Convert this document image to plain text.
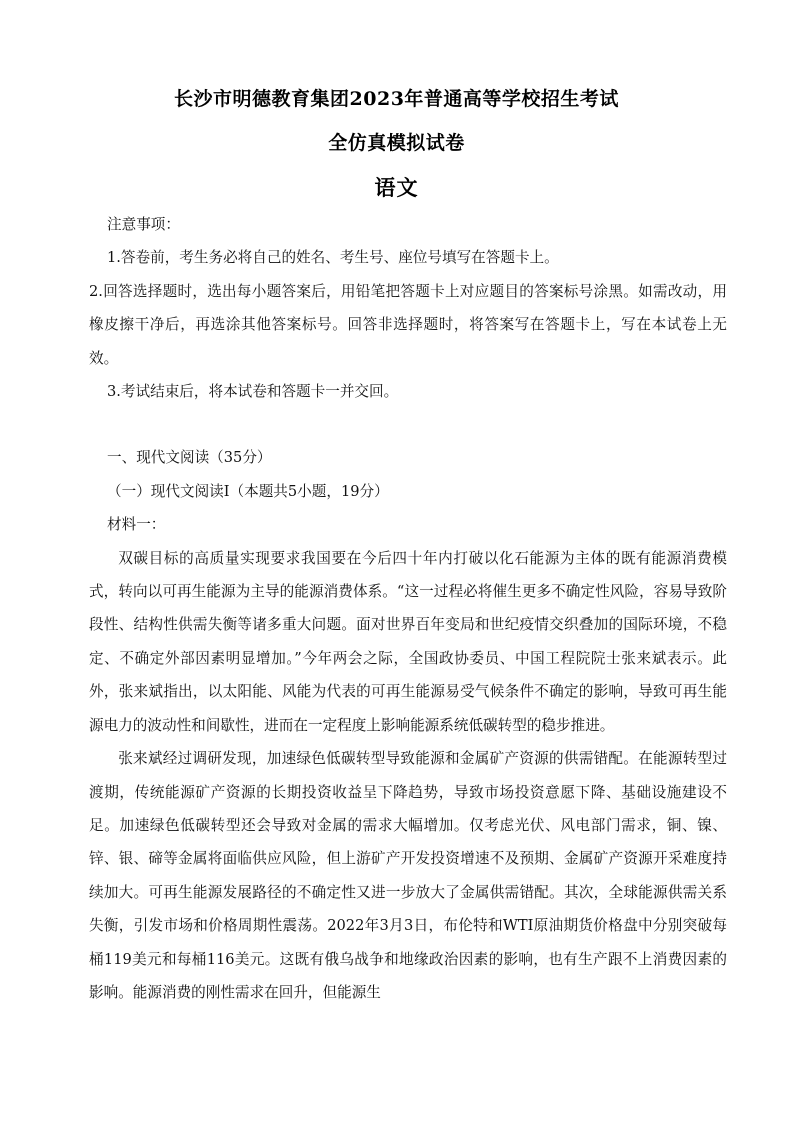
长沙市明德教育集团2023年普通高等学校招生考试
全仿真模拟试卷
语文

注意事项：

1.答卷前，考生务必将自己的姓名、考生号、座位号填写在答题卡上。

2.回答选择题时，选出每小题答案后，用铅笔把答题卡上对应题目的答案标号涂黑。如需改动，用橡皮擦干净后，再选涂其他答案标号。回答非选择题时，将答案写在答题卡上，写在本试卷上无效。

3.考试结束后，将本试卷和答题卡一并交回。

一、现代文阅读（35分）

（一）现代文阅读Ⅰ（本题共5小题，19分）

材料一：

双碳目标的高质量实现要求我国要在今后四十年内打破以化石能源为主体的既有能源消费模式，转向以可再生能源为主导的能源消费体系。“这一过程必将催生更多不确定性风险，容易导致阶段性、结构性供需失衡等诸多重大问题。面对世界百年变局和世纪疫情交织叠加的国际环境，不稳定、不确定外部因素明显增加。”今年两会之际，全国政协委员、中国工程院院士张来斌表示。此外，张来斌指出，以太阳能、风能为代表的可再生能源易受气候条件不确定的影响，导致可再生能源电力的波动性和间歇性，进而在一定程度上影响能源系统低碳转型的稳步推进。

张来斌经过调研发现，加速绿色低碳转型导致能源和金属矿产资源的供需错配。在能源转型过渡期，传统能源矿产资源的长期投资收益呈下降趋势，导致市场投资意愿下降、基础设施建设不足。加速绿色低碳转型还会导致对金属的需求大幅增加。仅考虑光伏、风电部门需求，铜、镍、锌、银、碲等金属将面临供应风险，但上游矿产开发投资增速不及预期、金属矿产资源开采难度持续加大。可再生能源发展路径的不确定性又进一步放大了金属供需错配。其次，全球能源供需关系失衡，引发市场和价格周期性震荡。2022年3月3日，布伦特和WTI原油期货价格盘中分别突破每桶119美元和每桶116美元。这既有俄乌战争和地缘政治因素的影响，也有生产跟不上消费因素的影响。能源消费的刚性需求在回升，但能源生
